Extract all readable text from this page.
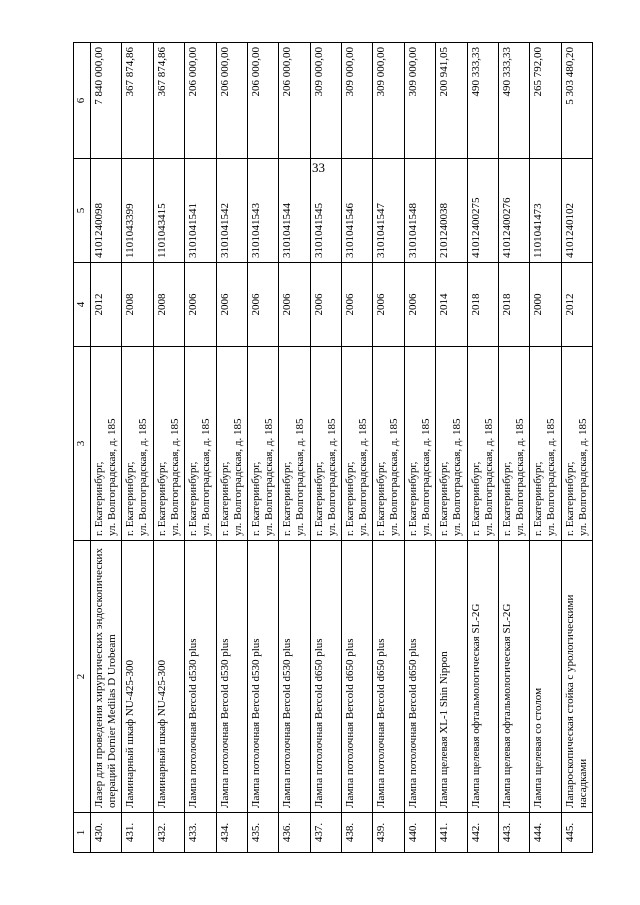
33
1	2	3	4	5	6
430.	Лазер для проведения хирургических эндоскопических операций Dornier Medilas D Urobeam	г. Екатеринбург, ул. Волгоградская, д. 185	2012	4101240098	7 840 000,00
431.	Ламинарный шкаф NU-425-300	г. Екатеринбург, ул. Волгоградская, д. 185	2008	1101043399	367 874,86
432.	Ламинарный шкаф NU-425-300	г. Екатеринбург, ул. Волгоградская, д. 185	2008	1101043415	367 874,86
433.	Лампа потолочная Bercold d530 plus	г. Екатеринбург, ул. Волгоградская, д. 185	2006	3101041541	206 000,00
434.	Лампа потолочная Bercold d530 plus	г. Екатеринбург, ул. Волгоградская, д. 185	2006	3101041542	206 000,00
435.	Лампа потолочная Bercold d530 plus	г. Екатеринбург, ул. Волгоградская, д. 185	2006	3101041543	206 000,00
436.	Лампа потолочная Bercold d530 plus	г. Екатеринбург, ул. Волгоградская, д. 185	2006	3101041544	206 000,00
437.	Лампа потолочная Bercold d650 plus	г. Екатеринбург, ул. Волгоградская, д. 185	2006	3101041545	309 000,00
438.	Лампа потолочная Bercold d650 plus	г. Екатеринбург, ул. Волгоградская, д. 185	2006	3101041546	309 000,00
439.	Лампа потолочная Bercold d650 plus	г. Екатеринбург, ул. Волгоградская, д. 185	2006	3101041547	309 000,00
440.	Лампа потолочная Bercold d650 plus	г. Екатеринбург, ул. Волгоградская, д. 185	2006	3101041548	309 000,00
441.	Лампа щелевая XL-1 Shin Nippon	г. Екатеринбург, ул. Волгоградская, д. 185	2014	2101240038	200 941,05
442.	Лампа щелевая офтальмологическая SL-2G	г. Екатеринбург, ул. Волгоградская, д. 185	2018	41012400275	490 333,33
443.	Лампа щелевая офтальмологическая SL-2G	г. Екатеринбург, ул. Волгоградская, д. 185	2018	41012400276	490 333,33
444.	Лампа щелевая со столом	г. Екатеринбург, ул. Волгоградская, д. 185	2000	1101041473	265 792,00
445.	Лапароскопическая стойка с урологическими насадками	г. Екатеринбург, ул. Волгоградская, д. 185	2012	4101240102	5 303 480,20
